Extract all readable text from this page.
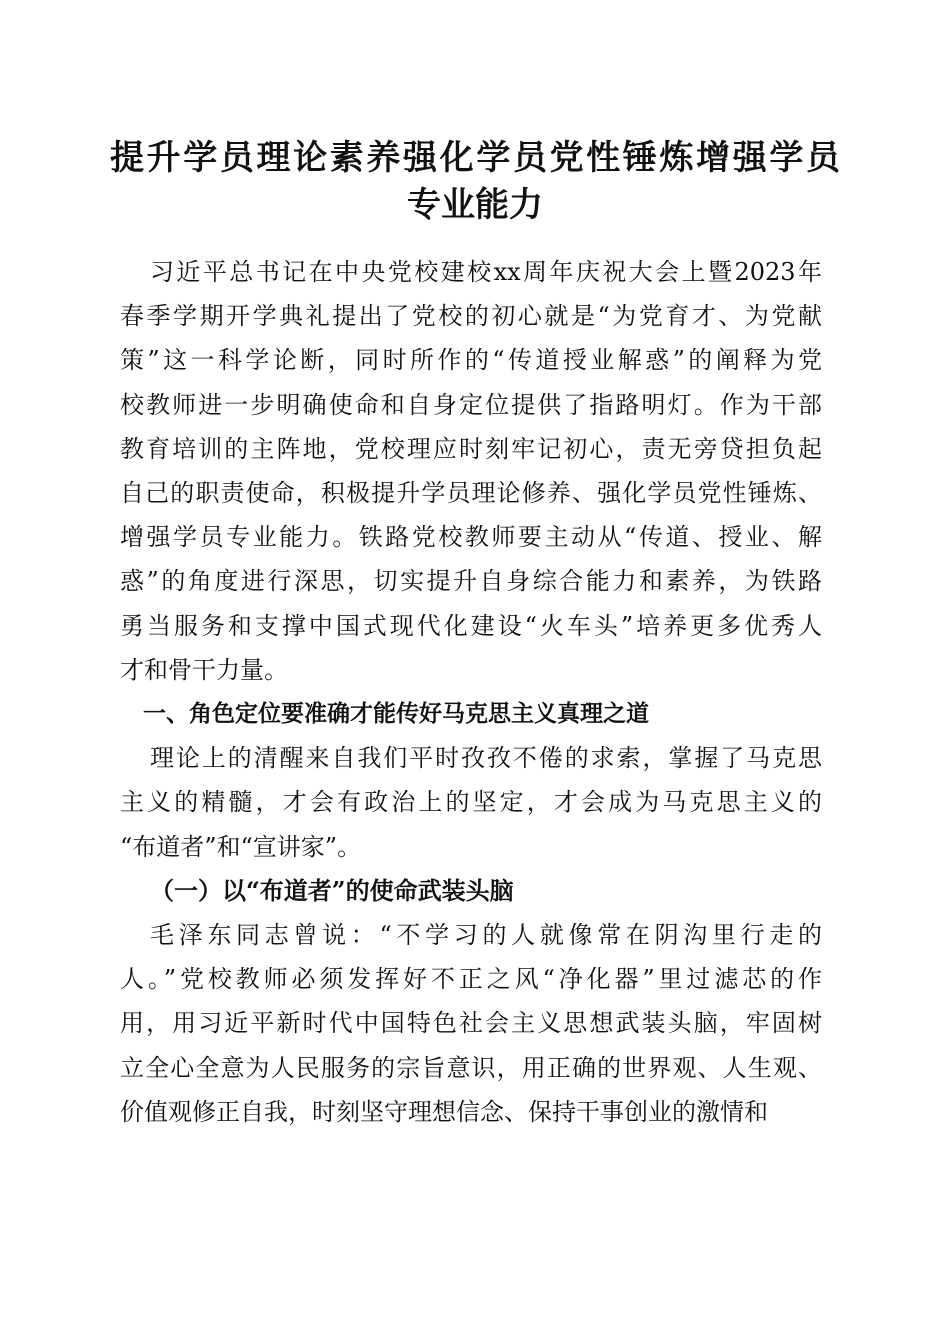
提升学员理论素养强化学员党性锤炼增强学员
专业能力
习近平总书记在中央党校建校xx周年庆祝大会上暨2023年
春季学期开学典礼提出了党校的初心就是“为党育才、为党献
策”这一科学论断，同时所作的“传道授业解惑”的阐释为党
校教师进一步明确使命和自身定位提供了指路明灯。作为干部
教育培训的主阵地，党校理应时刻牢记初心，责无旁贷担负起
自己的职责使命，积极提升学员理论修养、强化学员党性锤炼、
增强学员专业能力。铁路党校教师要主动从“传道、授业、解
惑”的角度进行深思，切实提升自身综合能力和素养，为铁路
勇当服务和支撑中国式现代化建设“火车头”培养更多优秀人
才和骨干力量。
一、角色定位要准确才能传好马克思主义真理之道
理论上的清醒来自我们平时孜孜不倦的求索，掌握了马克思
主义的精髓，才会有政治上的坚定，才会成为马克思主义的
“布道者”和“宣讲家”。
（一）以“布道者”的使命武装头脑
毛泽东同志曾说：“不学习的人就像常在阴沟里行走的
人。”党校教师必须发挥好不正之风“净化器”里过滤芯的作
用，用习近平新时代中国特色社会主义思想武装头脑，牢固树
立全心全意为人民服务的宗旨意识，用正确的世界观、人生观、
价值观修正自我，时刻坚守理想信念、保持干事创业的激情和
